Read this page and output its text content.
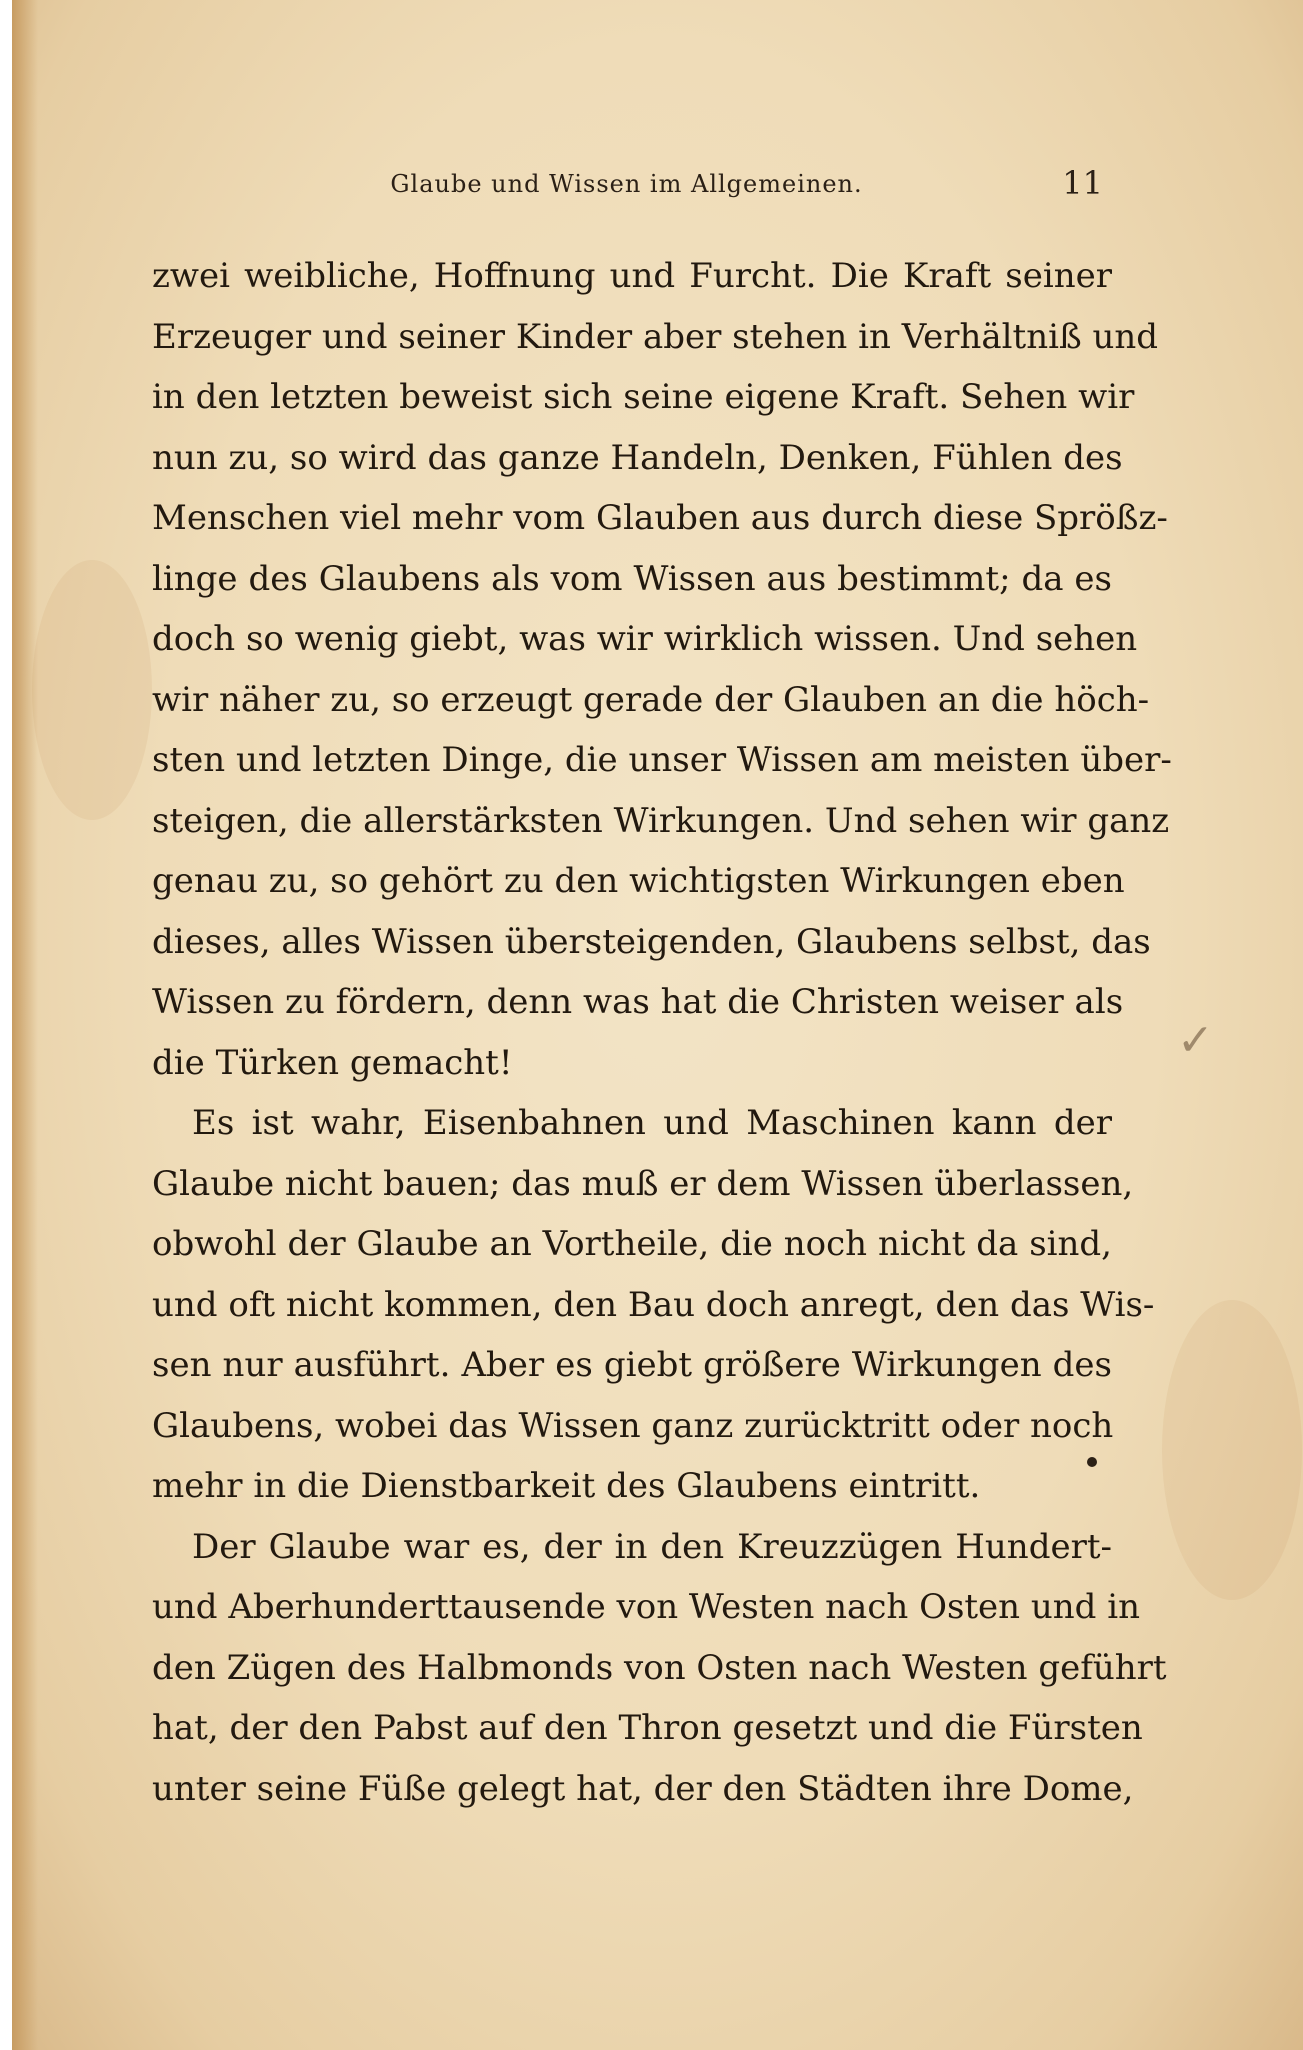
Glaube und Wissen im Allgemeinen.	11
zwei weibliche, Hoffnung und Furcht. Die Kraft seiner
Erzeuger und seiner Kinder aber stehen in Verhältniß und
in den letzten beweist sich seine eigene Kraft. Sehen wir
nun zu, so wird das ganze Handeln, Denken, Fühlen des
Menschen viel mehr vom Glauben aus durch diese Sprößz-
linge des Glaubens als vom Wissen aus bestimmt; da es
doch so wenig giebt, was wir wirklich wissen. Und sehen
wir näher zu, so erzeugt gerade der Glauben an die höch-
sten und letzten Dinge, die unser Wissen am meisten über-
steigen, die allerstärksten Wirkungen. Und sehen wir ganz
genau zu, so gehört zu den wichtigsten Wirkungen eben
dieses, alles Wissen übersteigenden, Glaubens selbst, das
Wissen zu fördern, denn was hat die Christen weiser als
die Türken gemacht!
Es ist wahr, Eisenbahnen und Maschinen kann der
Glaube nicht bauen; das muß er dem Wissen überlassen,
obwohl der Glaube an Vortheile, die noch nicht da sind,
und oft nicht kommen, den Bau doch anregt, den das Wis-
sen nur ausführt. Aber es giebt größere Wirkungen des
Glaubens, wobei das Wissen ganz zurücktritt oder noch
mehr in die Dienstbarkeit des Glaubens eintritt.
Der Glaube war es, der in den Kreuzzügen Hundert-
und Aberhunderttausende von Westen nach Osten und in
den Zügen des Halbmonds von Osten nach Westen geführt
hat, der den Pabst auf den Thron gesetzt und die Fürsten
unter seine Füße gelegt hat, der den Städten ihre Dome,
✓
